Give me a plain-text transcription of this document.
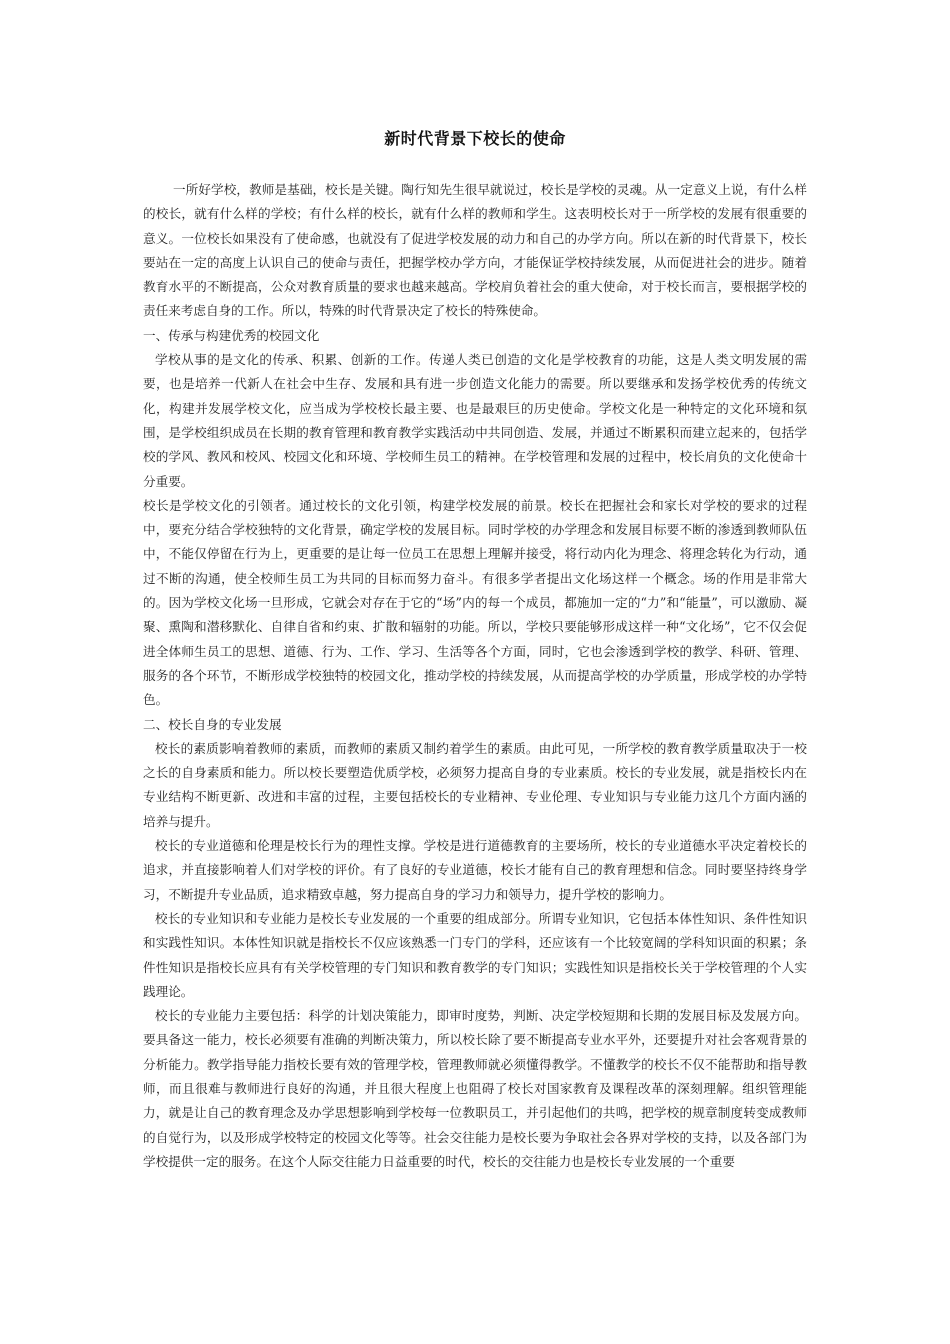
新时代背景下校长的使命

一所好学校，教师是基础，校长是关键。陶行知先生很早就说过，校长是学校的灵魂。从一定意义上说，有什么样的校长，就有什么样的学校；有什么样的校长，就有什么样的教师和学生。这表明校长对于一所学校的发展有很重要的意义。一位校长如果没有了使命感，也就没有了促进学校发展的动力和自己的办学方向。所以在新的时代背景下，校长要站在一定的高度上认识自己的使命与责任，把握学校办学方向，才能保证学校持续发展，从而促进社会的进步。随着教育水平的不断提高，公众对教育质量的要求也越来越高。学校肩负着社会的重大使命，对于校长而言，要根据学校的责任来考虑自身的工作。所以，特殊的时代背景决定了校长的特殊使命。

一、传承与构建优秀的校园文化

学校从事的是文化的传承、积累、创新的工作。传递人类已创造的文化是学校教育的功能，这是人类文明发展的需要，也是培养一代新人在社会中生存、发展和具有进一步创造文化能力的需要。所以要继承和发扬学校优秀的传统文化，构建并发展学校文化，应当成为学校校长最主要、也是最艰巨的历史使命。学校文化是一种特定的文化环境和氛围，是学校组织成员在长期的教育管理和教育教学实践活动中共同创造、发展，并通过不断累积而建立起来的，包括学校的学风、教风和校风、校园文化和环境、学校师生员工的精神。在学校管理和发展的过程中，校长肩负的文化使命十分重要。

校长是学校文化的引领者。通过校长的文化引领，构建学校发展的前景。校长在把握社会和家长对学校的要求的过程中，要充分结合学校独特的文化背景，确定学校的发展目标。同时学校的办学理念和发展目标要不断的渗透到教师队伍中，不能仅停留在行为上，更重要的是让每一位员工在思想上理解并接受，将行动内化为理念、将理念转化为行动，通过不断的沟通，使全校师生员工为共同的目标而努力奋斗。有很多学者提出文化场这样一个概念。场的作用是非常大的。因为学校文化场一旦形成，它就会对存在于它的“场”内的每一个成员，都施加一定的“力”和“能量”，可以激励、凝聚、熏陶和潜移默化、自律自省和约束、扩散和辐射的功能。所以，学校只要能够形成这样一种“文化场”，它不仅会促进全体师生员工的思想、道德、行为、工作、学习、生活等各个方面，同时，它也会渗透到学校的教学、科研、管理、服务的各个环节，不断形成学校独特的校园文化，推动学校的持续发展，从而提高学校的办学质量，形成学校的办学特色。

二、校长自身的专业发展

校长的素质影响着教师的素质，而教师的素质又制约着学生的素质。由此可见，一所学校的教育教学质量取决于一校之长的自身素质和能力。所以校长要塑造优质学校，必须努力提高自身的专业素质。校长的专业发展，就是指校长内在专业结构不断更新、改进和丰富的过程，主要包括校长的专业精神、专业伦理、专业知识与专业能力这几个方面内涵的培养与提升。

校长的专业道德和伦理是校长行为的理性支撑。学校是进行道德教育的主要场所，校长的专业道德水平决定着校长的追求，并直接影响着人们对学校的评价。有了良好的专业道德，校长才能有自己的教育理想和信念。同时要坚持终身学习，不断提升专业品质，追求精致卓越，努力提高自身的学习力和领导力，提升学校的影响力。

校长的专业知识和专业能力是校长专业发展的一个重要的组成部分。所谓专业知识，它包括本体性知识、条件性知识和实践性知识。本体性知识就是指校长不仅应该熟悉一门专门的学科，还应该有一个比较宽阔的学科知识面的积累；条件性知识是指校长应具有有关学校管理的专门知识和教育教学的专门知识；实践性知识是指校长关于学校管理的个人实践理论。

校长的专业能力主要包括：科学的计划决策能力，即审时度势，判断、决定学校短期和长期的发展目标及发展方向。要具备这一能力，校长必须要有准确的判断决策力，所以校长除了要不断提高专业水平外，还要提升对社会客观背景的分析能力。教学指导能力指校长要有效的管理学校，管理教师就必须懂得教学。不懂教学的校长不仅不能帮助和指导教师，而且很难与教师进行良好的沟通，并且很大程度上也阻碍了校长对国家教育及课程改革的深刻理解。组织管理能力，就是让自己的教育理念及办学思想影响到学校每一位教职员工，并引起他们的共鸣，把学校的规章制度转变成教师的自觉行为，以及形成学校特定的校园文化等等。社会交往能力是校长要为争取社会各界对学校的支持，以及各部门为学校提供一定的服务。在这个人际交往能力日益重要的时代，校长的交往能力也是校长专业发展的一个重要
